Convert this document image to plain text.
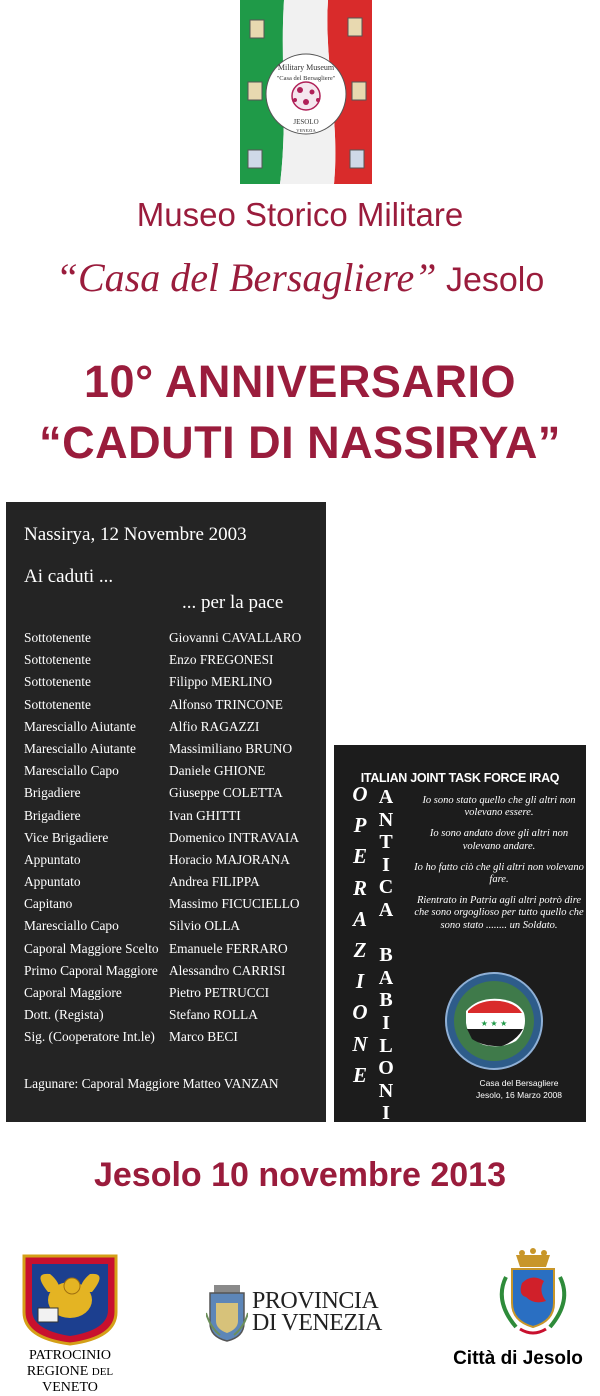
Military Museum
"Casa del Bersagliere"
JESOLO
VENEZIA
Museo Storico Militare
“Casa del Bersagliere” Jesolo
10° ANNIVERSARIO
“CADUTI DI NASSIRYA”
Nassirya, 12 Novembre 2003
Ai caduti ...
... per la pace
Sottotenente	Giovanni CAVALLARO
Sottotenente	Enzo FREGONESI
Sottotenente	Filippo MERLINO
Sottotenente	Alfonso TRINCONE
Maresciallo Aiutante Alfio RAGAZZI
Maresciallo Aiutante Massimiliano BRUNO
Maresciallo Capo	Daniele GHIONE
Brigadiere	Giuseppe COLETTA
Brigadiere	Ivan GHITTI
Vice Brigadiere	Domenico INTRAVAIA
Appuntato	Horacio MAJORANA
Appuntato	Andrea FILIPPA
Capitano	Massimo FICUCIELLO
Maresciallo Capo	Silvio OLLA
Caporal Maggiore Scelto Emanuele FERRARO
Primo Caporal Maggiore Alessandro CARRISI
Caporal Maggiore	Pietro PETRUCCI
Dott. (Regista)	Stefano ROLLA
Sig. (Cooperatore Int.le) Marco BECI
Lagunare: Caporal Maggiore Matteo VANZAN
ITALIAN JOINT TASK FORCE IRAQ
O
P
E
R
A
Z
I
O
N
E
A
N
T
I
C
A

B
A
B
I
L
O
N
I
A

Io sono stato quello che gli altri non volevano essere.

Io sono andato dove gli altri non volevano andare.

Io ho fatto ciò che gli altri non volevano fare.

Rientrato in Patria agli altri potrò dire che sono orgoglioso per tutto quello che sono stato ........ un Soldato.

★ ★ ★
Casa del Bersagliere
Jesolo, 16 Marzo 2008
Jesolo 10 novembre 2013
PATROCINIO
REGIONE DEL VENETO
PROVINCIA
DI VENEZIA
Città di Jesolo
